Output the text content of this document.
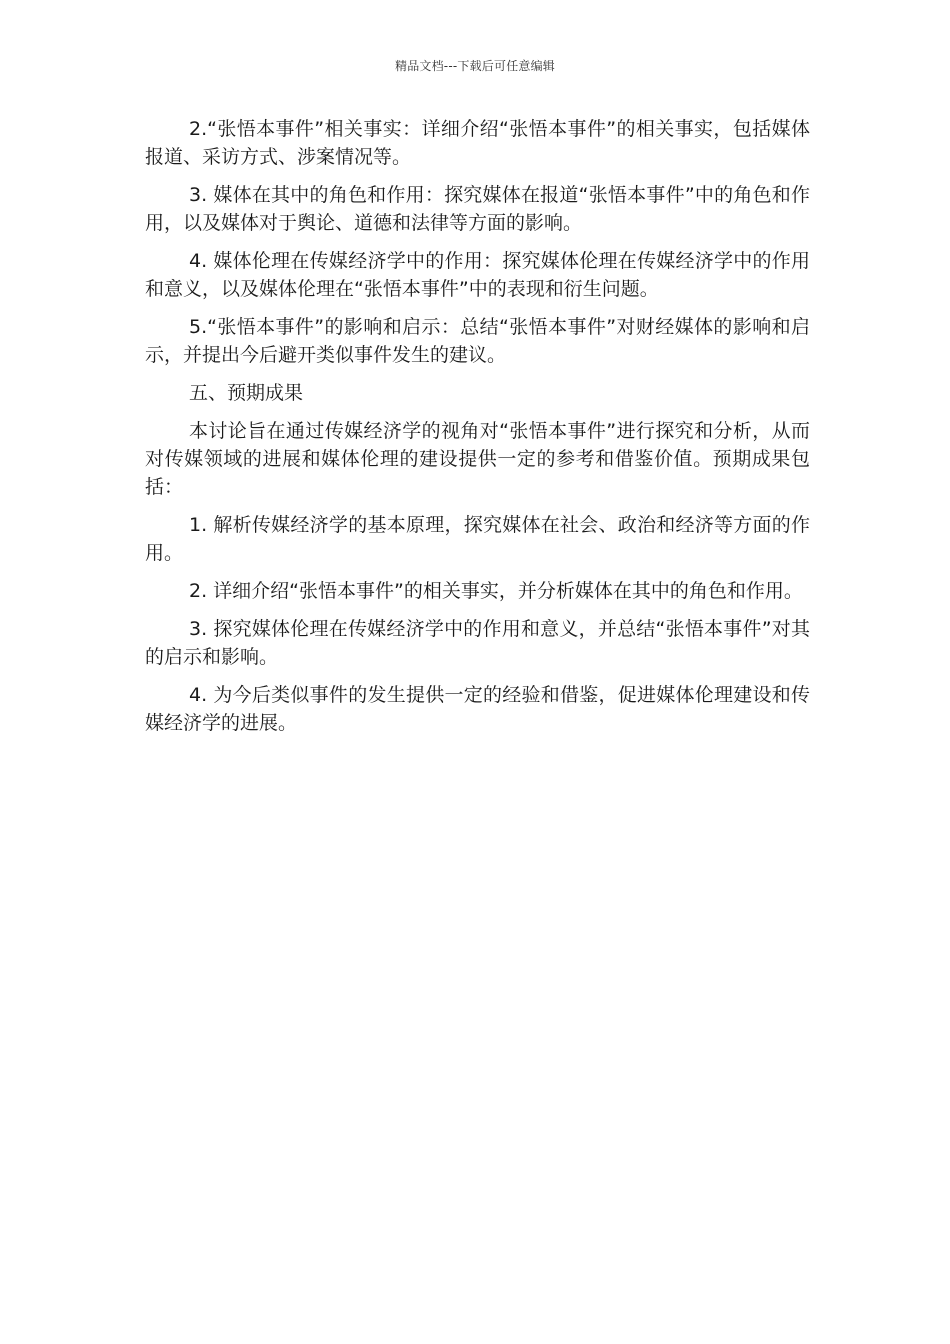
精品文档---下载后可任意编辑

2.“张悟本事件”相关事实：详细介绍“张悟本事件”的相关事实，包括媒体报道、采访方式、涉案情况等。

3. 媒体在其中的角色和作用：探究媒体在报道“张悟本事件”中的角色和作用，以及媒体对于舆论、道德和法律等方面的影响。

4. 媒体伦理在传媒经济学中的作用：探究媒体伦理在传媒经济学中的作用和意义，以及媒体伦理在“张悟本事件”中的表现和衍生问题。

5.“张悟本事件”的影响和启示：总结“张悟本事件”对财经媒体的影响和启示，并提出今后避开类似事件发生的建议。

五、预期成果

本讨论旨在通过传媒经济学的视角对“张悟本事件”进行探究和分析，从而对传媒领域的进展和媒体伦理的建设提供一定的参考和借鉴价值。预期成果包括：

1. 解析传媒经济学的基本原理，探究媒体在社会、政治和经济等方面的作用。

2. 详细介绍“张悟本事件”的相关事实，并分析媒体在其中的角色和作用。

3. 探究媒体伦理在传媒经济学中的作用和意义，并总结“张悟本事件”对其的启示和影响。

4. 为今后类似事件的发生提供一定的经验和借鉴，促进媒体伦理建设和传媒经济学的进展。
